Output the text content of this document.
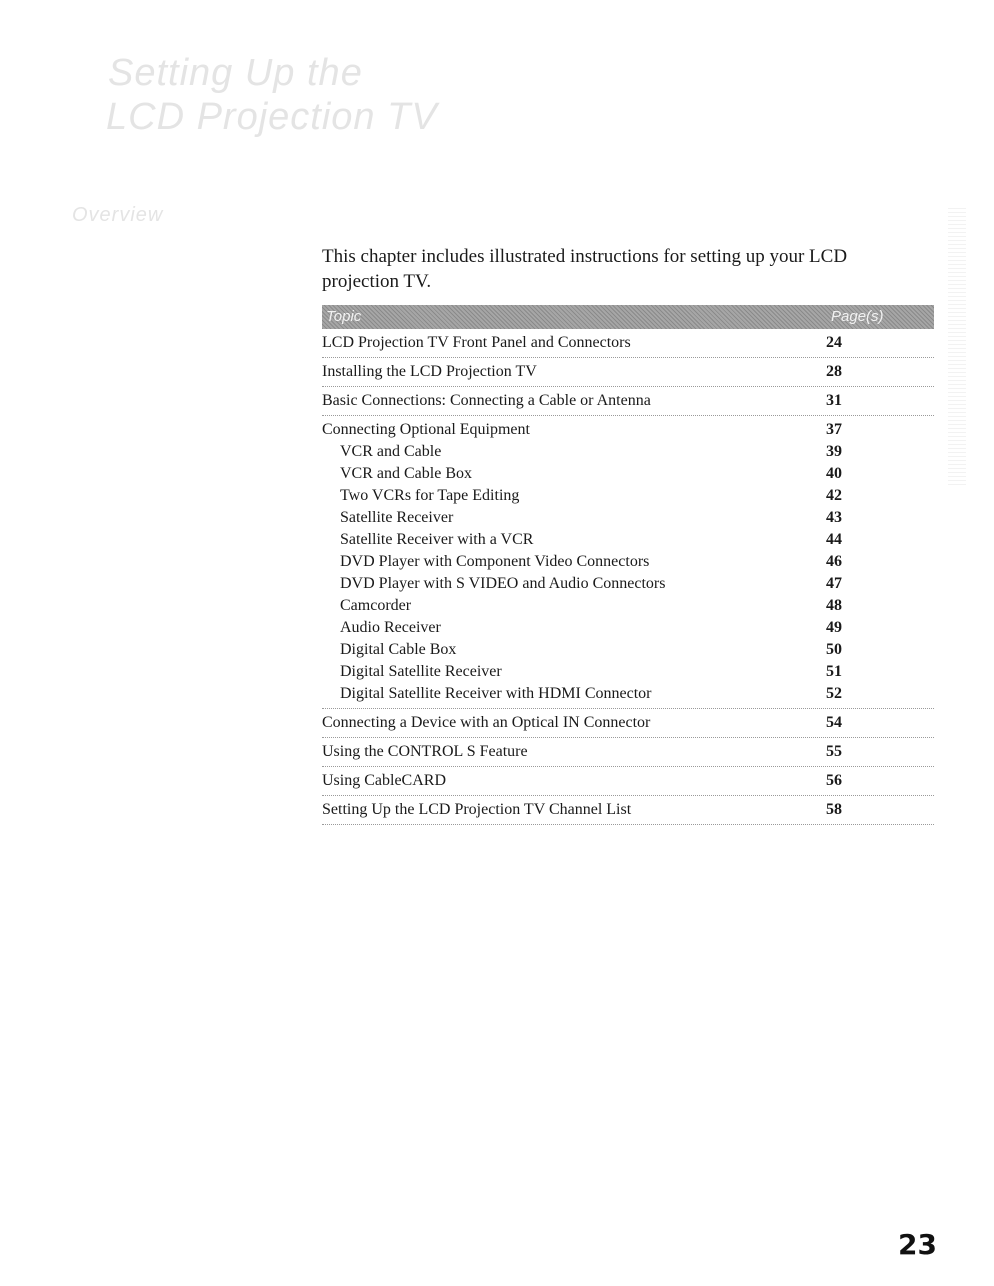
Setting Up the
LCD Projection TV
Overview

This chapter includes illustrated instructions for setting up your LCD projection TV.

Topic	Page(s)
LCD Projection TV Front Panel and Connectors	24
Installing the LCD Projection TV	28
Basic Connections: Connecting a Cable or Antenna	31
Connecting Optional Equipment	37
VCR and Cable	39
VCR and Cable Box	40
Two VCRs for Tape Editing	42
Satellite Receiver	43
Satellite Receiver with a VCR	44
DVD Player with Component Video Connectors	46
DVD Player with S VIDEO and Audio Connectors	47
Camcorder	48
Audio Receiver	49
Digital Cable Box	50
Digital Satellite Receiver	51
Digital Satellite Receiver with HDMI Connector	52
Connecting a Device with an Optical IN Connector	54
Using the CONTROL S Feature	55
Using CableCARD	56
Setting Up the LCD Projection TV Channel List	58
23
